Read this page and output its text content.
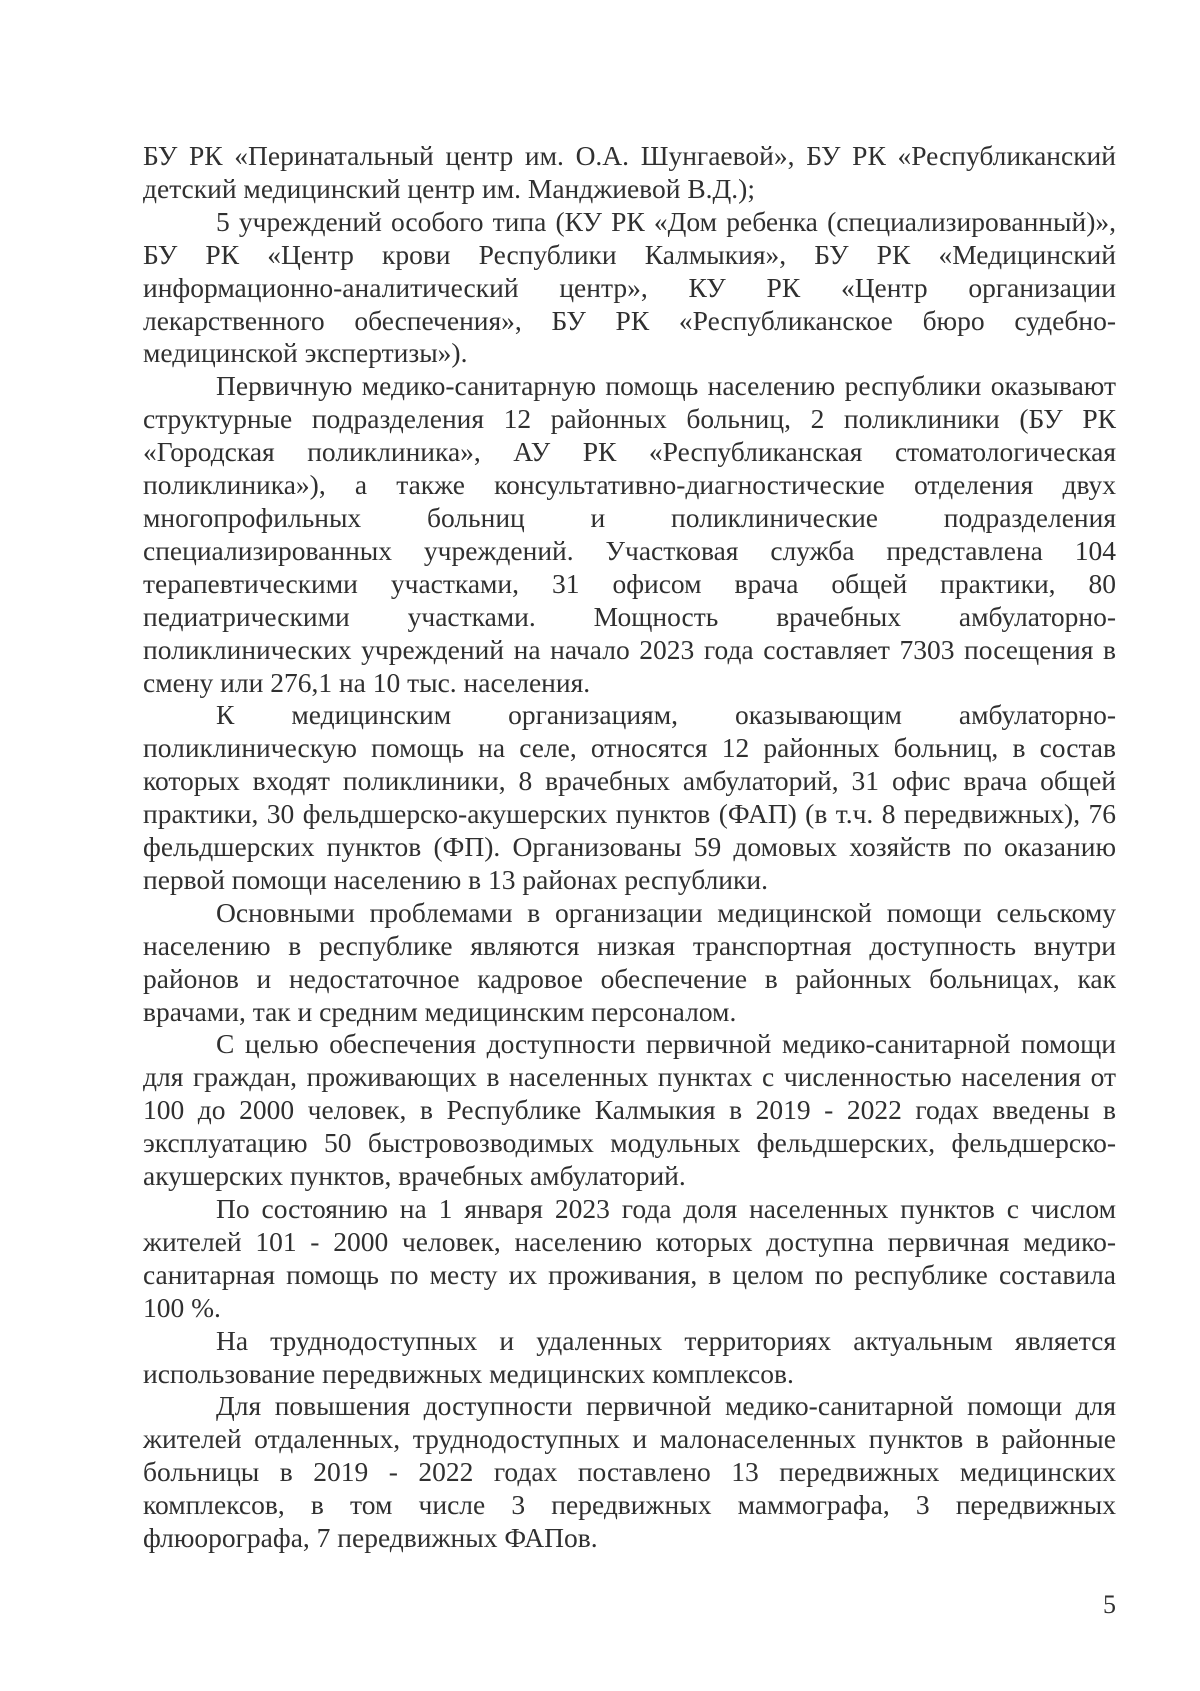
БУ РК «Перинатальный центр им. О.А. Шунгаевой», БУ РК «Республиканский детский медицинский центр им. Манджиевой В.Д.);

5 учреждений особого типа (КУ РК «Дом ребенка (специализированный)», БУ РК «Центр крови Республики Калмыкия», БУ РК «Медицинский информационно-аналитический центр», КУ РК «Центр организации лекарственного обеспечения», БУ РК «Республиканское бюро судебно-медицинской экспертизы»).

Первичную медико-санитарную помощь населению республики оказывают структурные подразделения 12 районных больниц, 2 поликлиники (БУ РК «Городская поликлиника», АУ РК «Республиканская стоматологическая поликлиника»), а также консультативно-диагностические отделения двух многопрофильных больниц и поликлинические подразделения специализированных учреждений. Участковая служба представлена 104 терапевтическими участками, 31 офисом врача общей практики, 80 педиатрическими участками. Мощность врачебных амбулаторно-поликлинических учреждений на начало 2023 года составляет 7303 посещения в смену или 276,1 на 10 тыс. населения.

К медицинским организациям, оказывающим амбулаторно-поликлиническую помощь на селе, относятся 12 районных больниц, в состав которых входят поликлиники, 8 врачебных амбулаторий, 31 офис врача общей практики, 30 фельдшерско-акушерских пунктов (ФАП) (в т.ч. 8 передвижных), 76 фельдшерских пунктов (ФП). Организованы 59 домовых хозяйств по оказанию первой помощи населению в 13 районах республики.

Основными проблемами в организации медицинской помощи сельскому населению в республике являются низкая транспортная доступность внутри районов и недостаточное кадровое обеспечение в районных больницах, как врачами, так и средним медицинским персоналом.

С целью обеспечения доступности первичной медико-санитарной помощи для граждан, проживающих в населенных пунктах с численностью населения от 100 до 2000 человек, в Республике Калмыкия в 2019 - 2022 годах введены в эксплуатацию 50 быстровозводимых модульных фельдшерских, фельдшерско-акушерских пунктов, врачебных амбулаторий.

По состоянию на 1 января 2023 года доля населенных пунктов с числом жителей 101 - 2000 человек, населению которых доступна первичная медико-санитарная помощь по месту их проживания, в целом по республике составила 100 %.

На труднодоступных и удаленных территориях актуальным является использование передвижных медицинских комплексов.

Для повышения доступности первичной медико-санитарной помощи для жителей отдаленных, труднодоступных и малонаселенных пунктов в районные больницы в 2019 - 2022 годах поставлено 13 передвижных медицинских комплексов, в том числе 3 передвижных маммографа, 3 передвижных флюорографа, 7 передвижных ФАПов.

5
